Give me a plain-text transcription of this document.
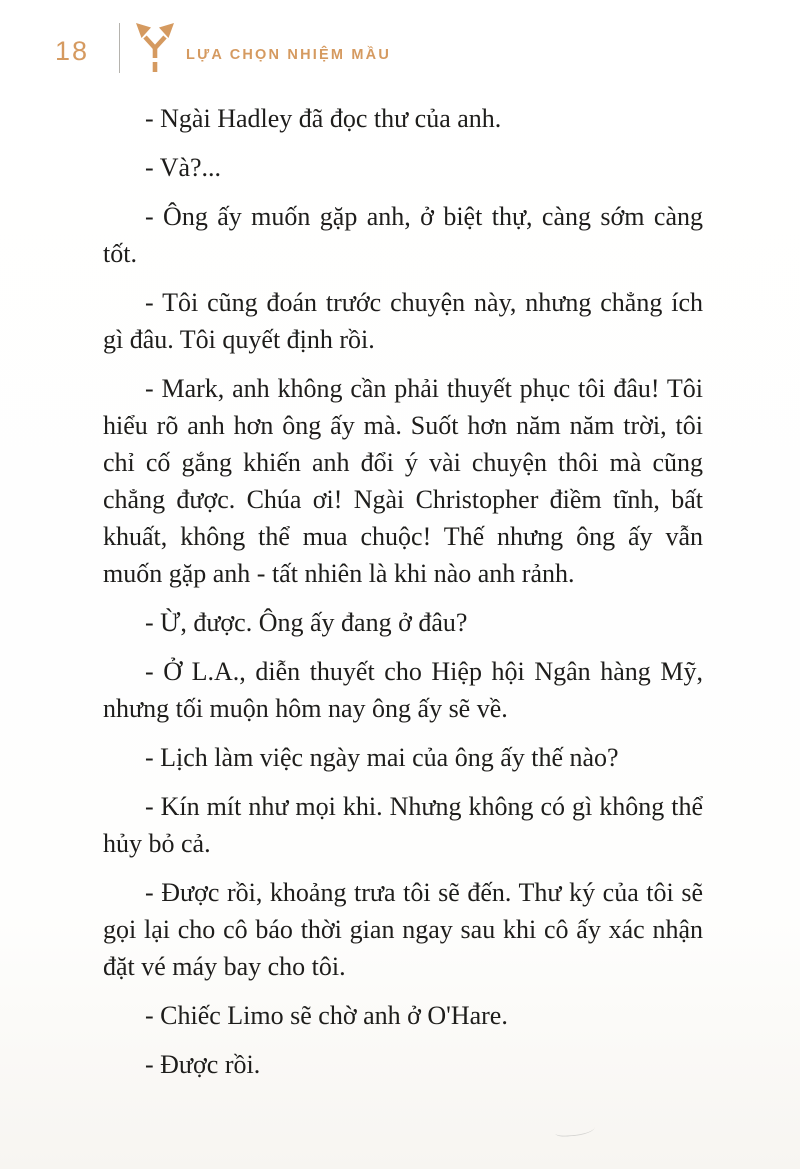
18	LỰA CHỌN NHIỆM MẦU

- Ngài Hadley đã đọc thư của anh.

- Và?...

- Ông ấy muốn gặp anh, ở biệt thự, càng sớm càng tốt.

- Tôi cũng đoán trước chuyện này, nhưng chẳng ích gì đâu. Tôi quyết định rồi.

- Mark, anh không cần phải thuyết phục tôi đâu! Tôi hiểu rõ anh hơn ông ấy mà. Suốt hơn năm năm trời, tôi chỉ cố gắng khiến anh đổi ý vài chuyện thôi mà cũng chẳng được. Chúa ơi! Ngài Christopher điềm tĩnh, bất khuất, không thể mua chuộc! Thế nhưng ông ấy vẫn muốn gặp anh - tất nhiên là khi nào anh rảnh.

- Ừ, được. Ông ấy đang ở đâu?

- Ở L.A., diễn thuyết cho Hiệp hội Ngân hàng Mỹ, nhưng tối muộn hôm nay ông ấy sẽ về.

- Lịch làm việc ngày mai của ông ấy thế nào?

- Kín mít như mọi khi. Nhưng không có gì không thể hủy bỏ cả.

- Được rồi, khoảng trưa tôi sẽ đến. Thư ký của tôi sẽ gọi lại cho cô báo thời gian ngay sau khi cô ấy xác nhận đặt vé máy bay cho tôi.

- Chiếc Limo sẽ chờ anh ở O'Hare.

- Được rồi.
